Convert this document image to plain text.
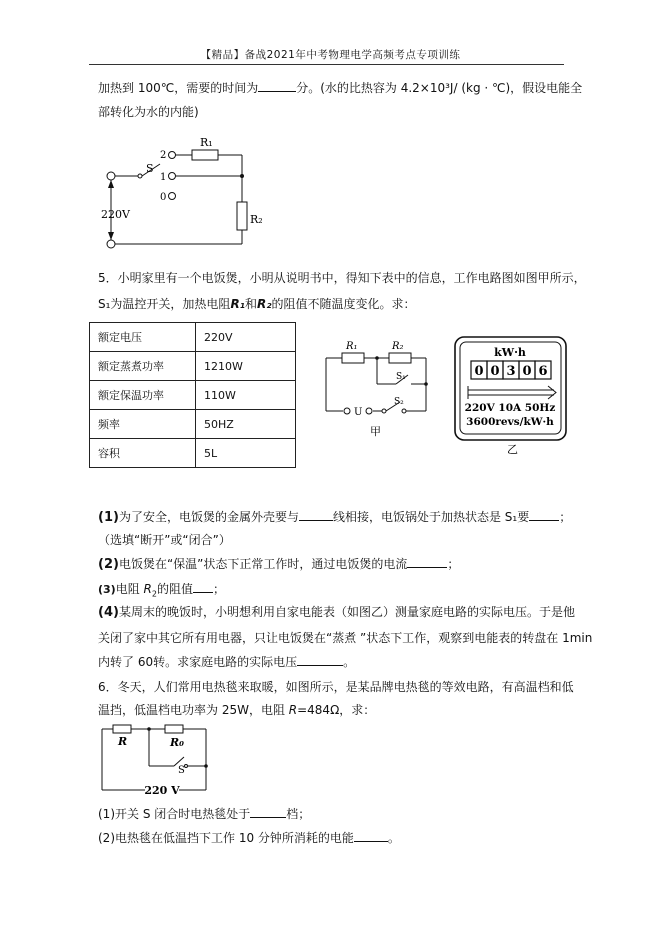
【精品】备战2021年中考物理电学高频考点专项训练
加热到 100℃，需要的时间为	分。(水的比热容为 4.2×10³J/ (kg · ℃)，假设电能全
部转化为水的内能)
R₁
R₂
S
2
1
0
220V
5．小明家里有一个电饭煲，小明从说明书中，得知下表中的信息，工作电路图如图甲所示，
S₁为温控开关，加热电阻R₁和R₂的阻值不随温度变化。求：
额定电压	220V
额定蒸煮功率	1210W
额定保温功率	110W
频率	50HZ
容积	5L
R₁	R₂
S₁
S₂
U
甲
kW·h
0 0 3 0 6
220V 10A 50Hz
3600revs/kW·h
乙
(1)为了安全，电饭煲的金属外壳要与	线相接，电饭锅处于加热状态是 S₁要	；
（选填“断开”或“闭合”）
(2)电饭煲在“保温”状态下正常工作时，通过电饭煲的电流	；
(3)电阻 $R_2$的阻值 ；
(4)某周末的晚饭时，小明想利用自家电能表（如图乙）测量家庭电路的实际电压。于是他
关闭了家中其它所有用电器，只让电饭煲在“蒸煮 ”状态下工作，观察到电能表的转盘在 1min
内转了 60转。求家庭电路的实际电压	。
6．冬天，人们常用电热毯来取暖，如图所示，是某品牌电热毯的等效电路，有高温档和低
温挡，低温档电功率为 25W，电阻 R=484Ω，求：
R	R₀
S
220 V
(1)开关 S 闭合时电热毯处于	档；
(2)电热毯在低温挡下工作 10 分钟所消耗的电能	。
